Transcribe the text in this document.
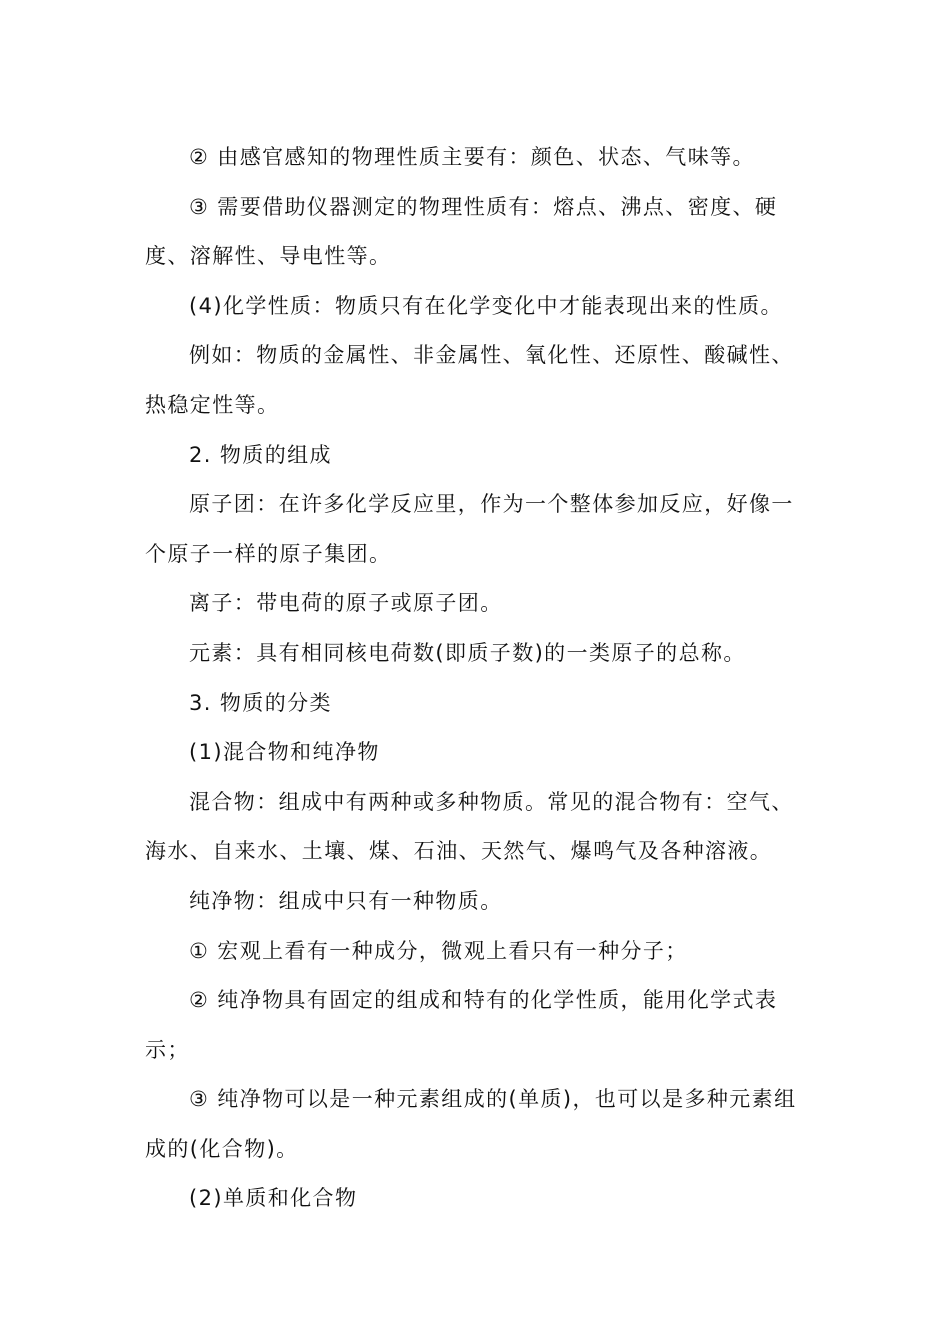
② 由感官感知的物理性质主要有：颜色、状态、气味等。

③ 需要借助仪器测定的物理性质有：熔点、沸点、密度、硬度、溶解性、导电性等。

(4)化学性质：物质只有在化学变化中才能表现出来的性质。

例如：物质的金属性、非金属性、氧化性、还原性、酸碱性、热稳定性等。

2. 物质的组成

原子团：在许多化学反应里，作为一个整体参加反应，好像一个原子一样的原子集团。

离子：带电荷的原子或原子团。

元素：具有相同核电荷数(即质子数)的一类原子的总称。

3. 物质的分类

(1)混合物和纯净物

混合物：组成中有两种或多种物质。常见的混合物有：空气、海水、自来水、土壤、煤、石油、天然气、爆鸣气及各种溶液。

纯净物：组成中只有一种物质。

① 宏观上看有一种成分，微观上看只有一种分子；

② 纯净物具有固定的组成和特有的化学性质，能用化学式表示；

③ 纯净物可以是一种元素组成的(单质)，也可以是多种元素组成的(化合物)。

(2)单质和化合物
